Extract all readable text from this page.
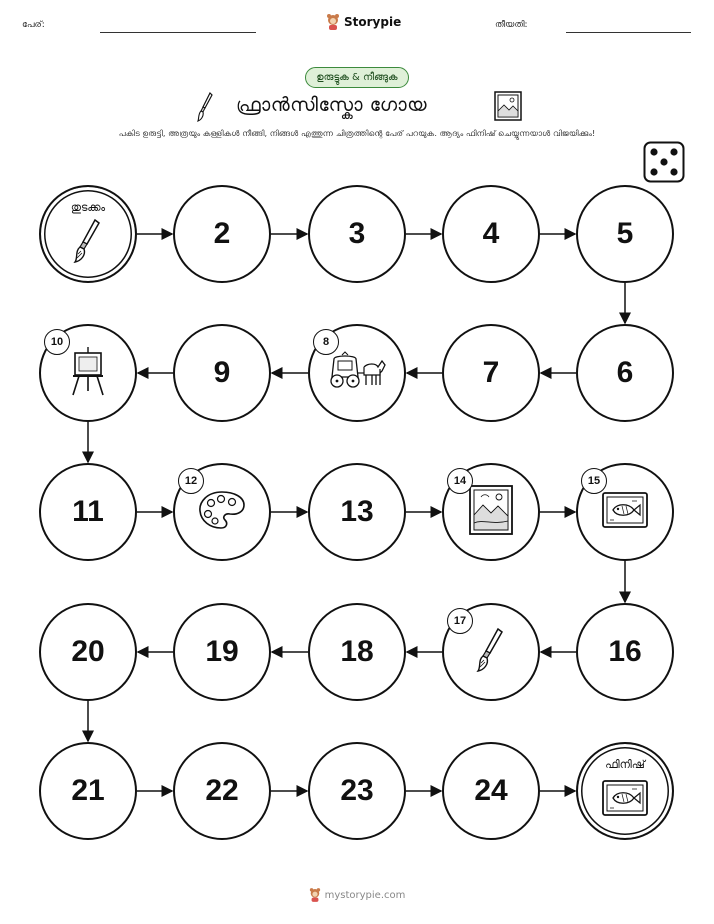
പേര്:	Storypie	തീയതി:
ഉരുട്ടുക & നീങ്ങുക
ഫ്രാൻസിസ്കോ ഗോയ
പകിട ഉരുട്ടി, അത്രയും കള്ളികൾ നീങ്ങി, നിങ്ങൾ എത്തുന്ന ചിത്രത്തിന്റെ പേര് പറയുക. ആദ്യം ഫിനിഷ് ചെയ്യുന്നയാൾ വിജയിക്കും!
തുടക്കം
2	3	4	5
6
7
8
9
10
11
12
13
14	15
16
17
18
19
20
21	22	23	24
ഫിനിഷ്
mystorypie.com
